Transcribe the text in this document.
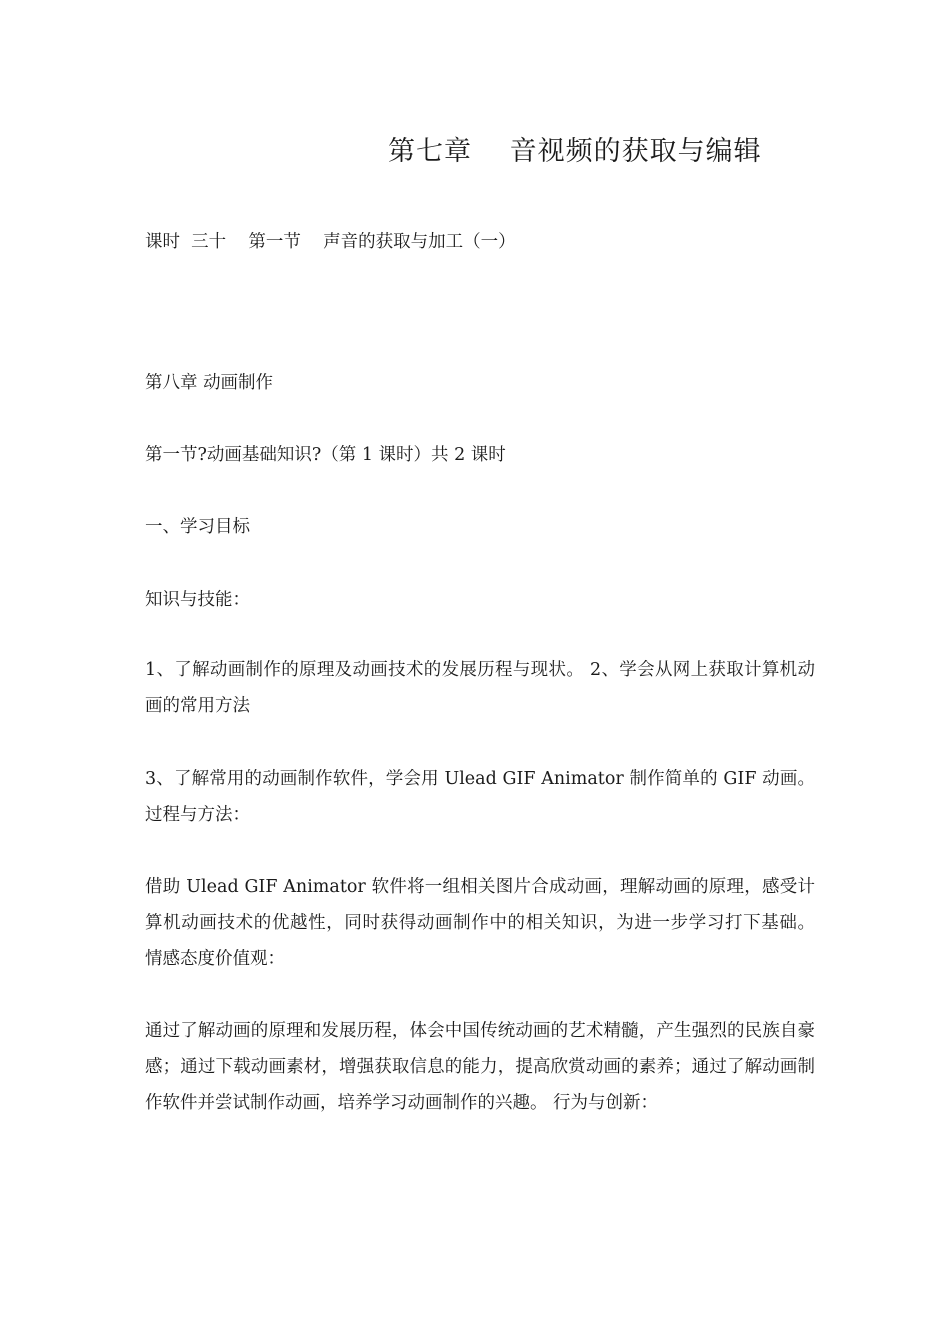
第七章　 音视频的获取与编辑
课时  三十    第一节    声音的获取与加工（一）
第八章 动画制作
第一节?动画基础知识?（第 1 课时）共 2 课时
一、学习目标
知识与技能：
1、了解动画制作的原理及动画技术的发展历程与现状。 2、学会从网上获取计算机动画的常用方法
3、了解常用的动画制作软件，学会用 Ulead GIF Animator 制作简单的 GIF 动画。 过程与方法：
借助 Ulead GIF Animator 软件将一组相关图片合成动画，理解动画的原理，感受计算机动画技术的优越性，同时获得动画制作中的相关知识，为进一步学习打下基础。 情感态度价值观：
通过了解动画的原理和发展历程，体会中国传统动画的艺术精髓，产生强烈的民族自豪感；通过下载动画素材，增强获取信息的能力，提高欣赏动画的素养；通过了解动画制作软件并尝试制作动画，培养学习动画制作的兴趣。 行为与创新：
